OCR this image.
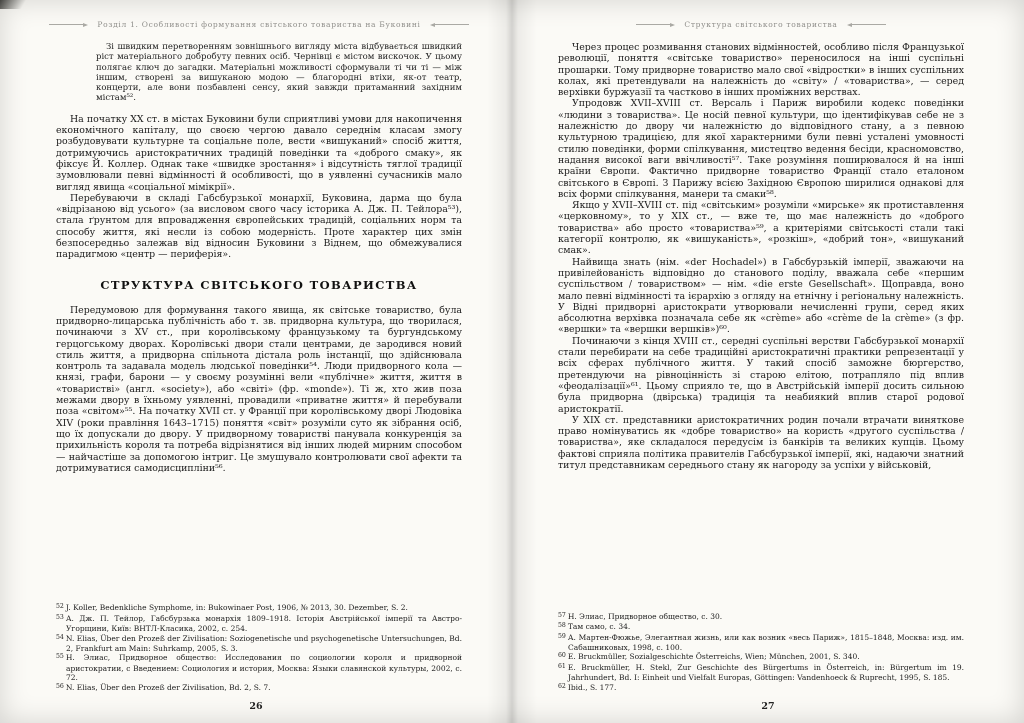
Розділ 1. Особливості формування світського товариства на Буковині
Зі швидким перетворенням зовнішнього вигляду міста відбувається швидкий ріст матеріального добробуту певних осіб. Чернівці є містом вискочок. У цьому полягає ключ до загадки. Матеріальні можливості сформували ті чи ті — між іншим, створені за вишуканою модою — благородні втіхи, як-от театр, концерти, але вони позбавлені сенсу, який завжди притаманний західним містам⁵².

На початку XX ст. в містах Буковини були сприятливі умови для накопичення економічного капіталу, що своєю чергою давало середнім класам змогу розбудовувати культурне та соціальне поле, вести «вишуканий» спосіб життя, дотримуючись аристократичних традицій поведінки та «доброго смаку», як фіксує Й. Коллер. Однак таке «швидке зростання» і відсутність тяглої традиції зумовлювали певні відмінності й особливості, що в уявленні сучасників мало вигляд явища «соціальної мімікрії».

Перебуваючи в складі Габсбурзької монархії, Буковина, дарма що була «відрізаною від усього» (за висловом свого часу історика А. Дж. П. Тейлора⁵³), стала ґрунтом для впровадження європейських традицій, соціальних норм та способу життя, які несли із собою модерність. Проте характер цих змін безпосередньо залежав від відносин Буковини з Віднем, що обмежувалися парадигмою «центр — периферія».

СТРУКТУРА СВІТСЬКОГО ТОВАРИСТВА

Передумовою для формування такого явища, як світське товариство, була придворно-лицарська публічність або т. зв. придворна культура, що творилася, починаючи з XV ст., при королівському французькому та бургундському герцогському дворах. Королівські двори стали центрами, де зародився новий стиль життя, а придворна спільнота дістала роль інстанції, що здійснювала контроль та задавала модель людської поведінки⁵⁴. Люди придворного кола — князі, графи, барони — у своєму розумінні вели «публічне» життя, життя в «товаристві» (англ. «society»), або «світі» (фр. «monde»). Ті ж, хто жив поза межами двору в їхньому уявленні, провадили «приватне життя» й перебували поза «світом»⁵⁵. На початку XVII ст. у Франції при королівському дворі Людовіка XIV (роки правління 1643–1715) поняття «світ» розуміли суто як зібрання осіб, що їх допускали до двору. У придворному товаристві панувала конкуренція за прихильність короля та потреба відрізнятися від інших людей мирним способом — найчастіше за допомогою інтриг. Це змушувало контролювати свої афекти та дотримуватися самодисципліни⁵⁶.

$^{52}$ J. Koller, Bedenkliche Symphome, in: Bukowinaer Post, 1906, № 2013, 30. Dezember, S. 2.
$^{53}$ А. Дж. П. Тейлор, Габсбурзька монархія 1809–1918. Історія Австрійської імперії та Австро-Угорщини, Київ: ВНТЛ-Класика, 2002, с. 254.
$^{54}$ N. Elias, Über den Prozeß der Zivilisation: Soziogenetische und psychogenetische Untersuchungen, Bd. 2, Frankfurt am Main: Suhrkamp, 2005, S. 3.
$^{55}$ Н. Элиас, Придворное общество: Исследования по социологии короля и придворной аристократии, с Введением: Социология и история, Москва: Языки славянской культуры, 2002, с. 72.
$^{56}$ N. Elias, Über den Prozeß der Zivilisation, Bd. 2, S. 7.
26
Структура світського товариства

Через процес розмивання станових відмінностей, особливо після Французької революції, поняття «світське товариство» переносилося на інші суспільні прошарки. Тому придворне товариство мало свої «відростки» в інших суспільних колах, які претендували на належність до «світу» / «товариства», — серед верхівки буржуазії та частково в інших проміжних верствах.

Упродовж XVII–XVIII ст. Версаль і Париж виробили кодекс поведінки «людини з товариства». Це носій певної культури, що ідентифікував себе не з належністю до двору чи належністю до відповідного стану, а з певною культурною традицією, для якої характерними були певні усталені умовності стилю поведінки, форми спілкування, мистецтво ведення бесіди, красномовство, надання високої ваги ввічливості⁵⁷. Таке розуміння поширювалося й на інші країни Європи. Фактично придворне товариство Франції стало еталоном світського в Європі. З Парижу всією Західною Європою ширилися однакові для всіх форми спілкування, манери та смаки⁵⁸.

Якщо у XVII–XVIII ст. під «світським» розуміли «мирське» як протиставлення «церковному», то у XIX ст., — вже те, що має належність до «доброго товариства» або просто «товариства»⁵⁹, а критеріями світськості стали такі категорії контролю, як «вишуканість», «розкіш», «добрий тон», «вишуканий смак».

Найвища знать (нім. «der Hochadel») в Габсбурзькій імперії, зважаючи на привілейованість відповідно до станового поділу, вважала себе «першим суспільством / товариством» — нім. «die erste Gesellschaft». Щоправда, воно мало певні відмінності та ієрархію з огляду на етнічну і регіональну належність. У Відні придворні аристократи утворювали нечисленні групи, серед яких абсолютна верхівка позначала себе як «crème» або «crème de la crème» (з фр. «вершки» та «вершки вершків»)⁶⁰.

Починаючи з кінця XVIII ст., середні суспільні верстви Габсбурзької монархії стали перебирати на себе традиційні аристократичні практики репрезентації у всіх сферах публічного життя. У такий спосіб заможне бюргерство, претендуючи на рівноцінність зі старою елітою, потрапляло під вплив «феодалізації»⁶¹. Цьому сприяло те, що в Австрійській імперії досить сильною була придворна (двірська) традиція та неабиякий вплив старої родової аристократії.

У XIX ст. представники аристократичних родин почали втрачати виняткове право номінуватись як «добре товариство» на користь «другого суспільства / товариства», яке складалося передусім із банкірів та великих купців. Цьому фактові сприяла політика правителів Габсбурзької імперії, які, надаючи знатний титул представникам середнього стану як нагороду за успіхи у військовій,

$^{57}$ Н. Элиас, Придворное общество, с. 30.
$^{58}$ Там само, с. 34.
$^{59}$ А. Мартен-Фюжье, Элегантная жизнь, или как возник «весь Париж», 1815–1848, Москва: изд. им. Сабашниковых, 1998, с. 100.
$^{60}$ E. Bruckmüller, Sozialgeschichte Österreichs, Wien; München, 2001, S. 340.
$^{61}$ E. Bruckmüller, H. Stekl, Zur Geschichte des Bürgertums in Österreich, in: Bürgertum im 19. Jahrhundert, Bd. I: Einheit und Vielfalt Europas, Göttingen: Vandenhoeck & Ruprecht, 1995, S. 185.
$^{62}$ Ibid., S. 177.
27
